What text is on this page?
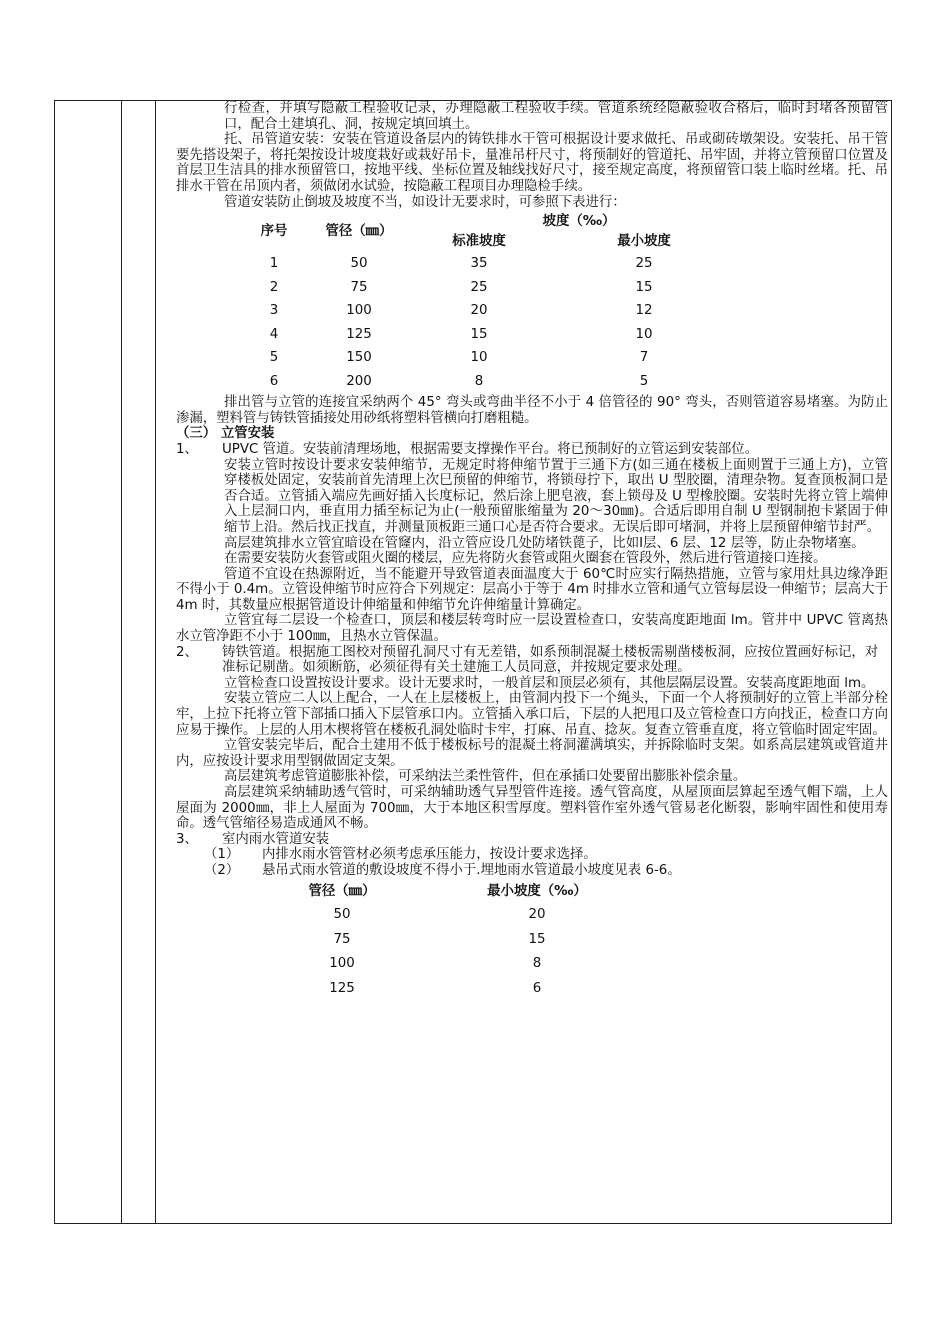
行检查，并填写隐蔽工程验收记录，办理隐蔽工程验收手续。管道系统经隐蔽验收合格后，临时封堵各预留管口，配合土建填孔、洞，按规定填回填土。

托、吊管道安装：安装在管道设备层内的铸铁排水干管可根据设计要求做托、吊或砌砖墩架设。安装托、吊干管要先搭设架子，将托架按设计坡度栽好或栽好吊卡，量准吊杆尺寸，将预制好的管道托、吊牢固，并将立管预留口位置及首层卫生洁具的排水预留管口，按地平线、坐标位置及轴线找好尺寸，接至规定高度，将预留管口装上临时丝堵。托、吊排水干管在吊顶内者，须做闭水试验，按隐蔽工程项目办理隐检手续。

管道安装防止倒坡及坡度不当，如设计无要求时，可参照下表进行：

序号	管径（㎜）	坡度（‰）	
		标准坡度	最小坡度
1	50	35	25
2	75	25	15
3	100	20	12
4	125	15	10
5	150	10	7
6	200	8	5

排出管与立管的连接宜采纳两个 45° 弯头或弯曲半径不小于 4 倍管径的 90° 弯头，否则管道容易堵塞。为防止渗漏，塑料管与铸铁管插接处用砂纸将塑料管横向打磨粗糙。

（三） 立管安装

1、	UPVC 管道。安装前清理场地，根据需要支撑操作平台。将已预制好的立管运到安装部位。

安装立管时按设计要求安装伸缩节，无规定时将伸缩节置于三通下方(如三通在楼板上面则置于三通上方)，立管穿楼板处固定，安装前首先清理上次巳预留的伸缩节，将锁母拧下，取出 U 型胶圈，清理杂物。复查顶板洞口是否合适。立管插入端应先画好插入长度标记，然后涂上肥皂液，套上锁母及 U 型橡胶圈。安装时先将立管上端伸入上层洞口内，垂直用力插至标记为止(一般预留胀缩量为 20～30㎜)。合适后即用自制 U 型钢制抱卡紧固于伸缩节上沿。然后找正找直，并测量顶板距三通口心是否符合要求。无误后即可堵洞，并将上层预留伸缩节封严。

高层建筑排水立管宜暗设在管窿内，沿立管应设几处防堵铁蓖子，比如Ⅰ层、6 层、12 层等，防止杂物堵塞。

在需要安装防火套管或阻火圈的楼层，应先将防火套管或阻火圈套在管段外，然后进行管道接口连接。

管道不宜设在热源附近，当不能避开导致管道表面温度大于 60℃时应实行隔热措施，立管与家用灶具边缘净距不得小于 0.4m。立管设伸缩节时应符合下列规定：层高小于等于 4m 时排水立管和通气立管每层设一伸缩节；层高大于 4m 时，其数量应根据管道设计伸缩量和伸缩节允许伸缩量计算确定。

立管宜每二层设一个检查口，顶层和楼层转弯时应一层设置检查口，安装高度距地面 lm。管井中 UPVC 管离热水立管净距不小于 100㎜，且热水立管保温。

2、	铸铁管道。根据施工图校对预留孔洞尺寸有无差错，如系预制混凝土楼板需剔凿楼板洞，应按位置画好标记，对准标记剔凿。如须断筋，必须征得有关土建施工人员同意，并按规定要求处理。

立管检查口设置按设计要求。设计无要求时，一般首层和顶层必须有，其他层隔层设置。安装高度距地面 lm。

安装立管应二人以上配合，一人在上层楼板上，由管洞内投下一个绳头，下面一个人将预制好的立管上半部分栓牢，上拉下托将立管下部插口插入下层管承口内。立管插入承口后，下层的人把甩口及立管检查口方向找正，检查口方向应易于操作。上层的人用木楔将管在楼板孔洞处临时卡牢，打麻、吊直、捻灰。复查立管垂直度，将立管临时固定牢固。

立管安装完毕后，配合土建用不低于楼板标号的混凝土将洞灌满填实，并拆除临时支架。如系高层建筑或管道井内，应按设计要求用型钢做固定支架。

高层建筑考虑管道膨胀补偿，可采纳法兰柔性管件，但在承插口处要留出膨胀补偿余量。

高层建筑采纳辅助透气管时，可采纳辅助透气异型管件连接。透气管高度，从屋顶面层算起至透气帽下端，上人屋面为 2000㎜，非上人屋面为 700㎜，大于本地区积雪厚度。塑料管作室外透气管易老化断裂，影响牢固性和使用寿命。透气管缩径易造成通风不畅。

3、	室内雨水管道安装
（1）	内排水雨水管管材必须考虑承压能力，按设计要求选择。
（2）	悬吊式雨水管道的敷设坡度不得小于.埋地雨水管道最小坡度见表 6-6。
管径（㎜）	最小坡度（‰）
50	20
75	15
100	8
125	6
